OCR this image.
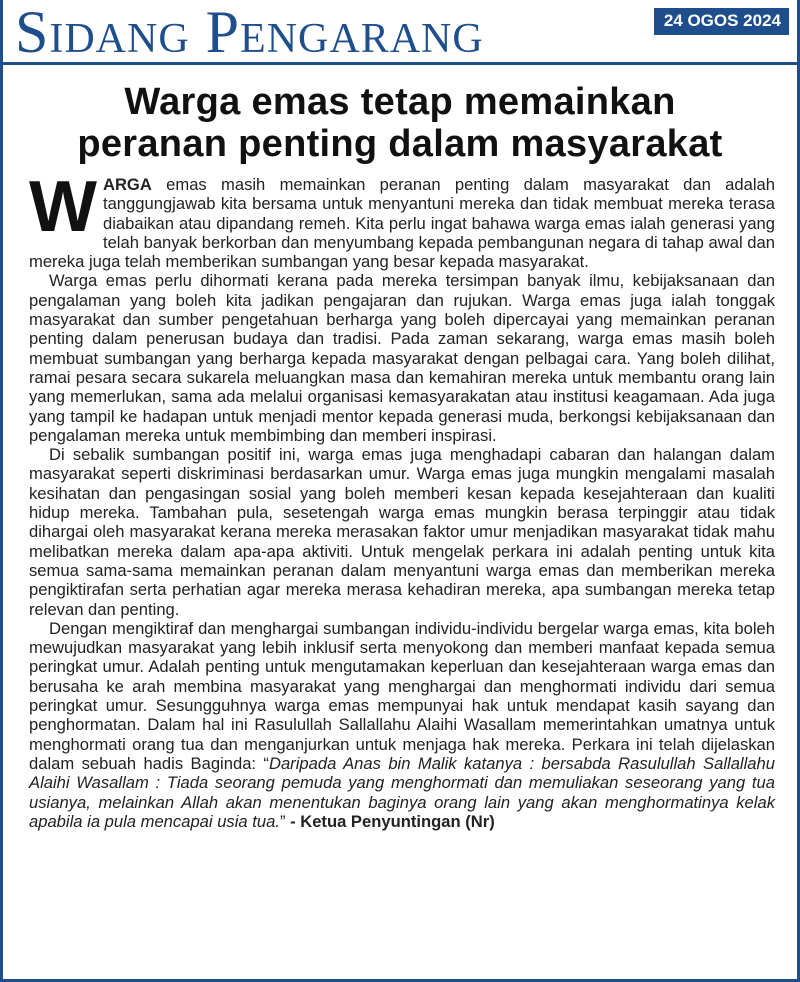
Sidang Pengarang	24 OGOS 2024
Warga emas tetap memainkan
peranan penting dalam masyarakat

WARGA emas masih memainkan peranan penting dalam masyarakat dan adalah tanggungjawab kita bersama untuk menyantuni mereka dan tidak membuat mereka terasa diabaikan atau dipandang remeh. Kita perlu ingat bahawa warga emas ialah generasi yang telah banyak berkorban dan menyumbang kepada pembangunan negara di tahap awal dan mereka juga telah memberikan sumbangan yang besar kepada masyarakat.

Warga emas perlu dihormati kerana pada mereka tersimpan banyak ilmu, kebijaksanaan dan pengalaman yang boleh kita jadikan pengajaran dan rujukan. Warga emas juga ialah tonggak masyarakat dan sumber pengetahuan berharga yang boleh dipercayai yang memainkan peranan penting dalam penerusan budaya dan tradisi. Pada zaman sekarang, warga emas masih boleh membuat sumbangan yang berharga kepada masyarakat dengan pelbagai cara. Yang boleh dilihat, ramai pesara secara sukarela meluangkan masa dan kemahiran mereka untuk membantu orang lain yang memerlukan, sama ada melalui organisasi kemasyarakatan atau institusi keagamaan. Ada juga yang tampil ke hadapan untuk menjadi mentor kepada generasi muda, berkongsi kebijaksanaan dan pengalaman mereka untuk membimbing dan memberi inspirasi.

Di sebalik sumbangan positif ini, warga emas juga menghadapi cabaran dan halangan dalam masyarakat seperti diskriminasi berdasarkan umur. Warga emas juga mungkin mengalami masalah kesihatan dan pengasingan sosial yang boleh memberi kesan kepada kesejahteraan dan kualiti hidup mereka. Tambahan pula, sesetengah warga emas mungkin berasa terpinggir atau tidak dihargai oleh masyarakat kerana mereka merasakan faktor umur menjadikan masyarakat tidak mahu melibatkan mereka dalam apa-apa aktiviti. Untuk mengelak perkara ini adalah penting untuk kita semua sama-sama memainkan peranan dalam menyantuni warga emas dan memberikan mereka pengiktirafan serta perhatian agar mereka merasa kehadiran mereka, apa sumbangan mereka tetap relevan dan penting.

Dengan mengiktiraf dan menghargai sumbangan individu-individu bergelar warga emas, kita boleh mewujudkan masyarakat yang lebih inklusif serta menyokong dan memberi manfaat kepada semua peringkat umur. Adalah penting untuk mengutamakan keperluan dan kesejahteraan warga emas dan berusaha ke arah membina masyarakat yang menghargai dan menghormati individu dari semua peringkat umur. Sesungguhnya warga emas mempunyai hak untuk mendapat kasih sayang dan penghormatan. Dalam hal ini Rasulullah Sallallahu Alaihi Wasallam memerintahkan umatnya untuk menghormati orang tua dan menganjurkan untuk menjaga hak mereka. Perkara ini telah dijelaskan dalam sebuah hadis Baginda: “Daripada Anas bin Malik katanya : bersabda Rasulullah Sallallahu Alaihi Wasallam : Tiada seorang pemuda yang menghormati dan memuliakan seseorang yang tua usianya, melainkan Allah akan menentukan baginya orang lain yang akan menghormatinya kelak apabila ia pula mencapai usia tua.” - Ketua Penyuntingan (Nr)
